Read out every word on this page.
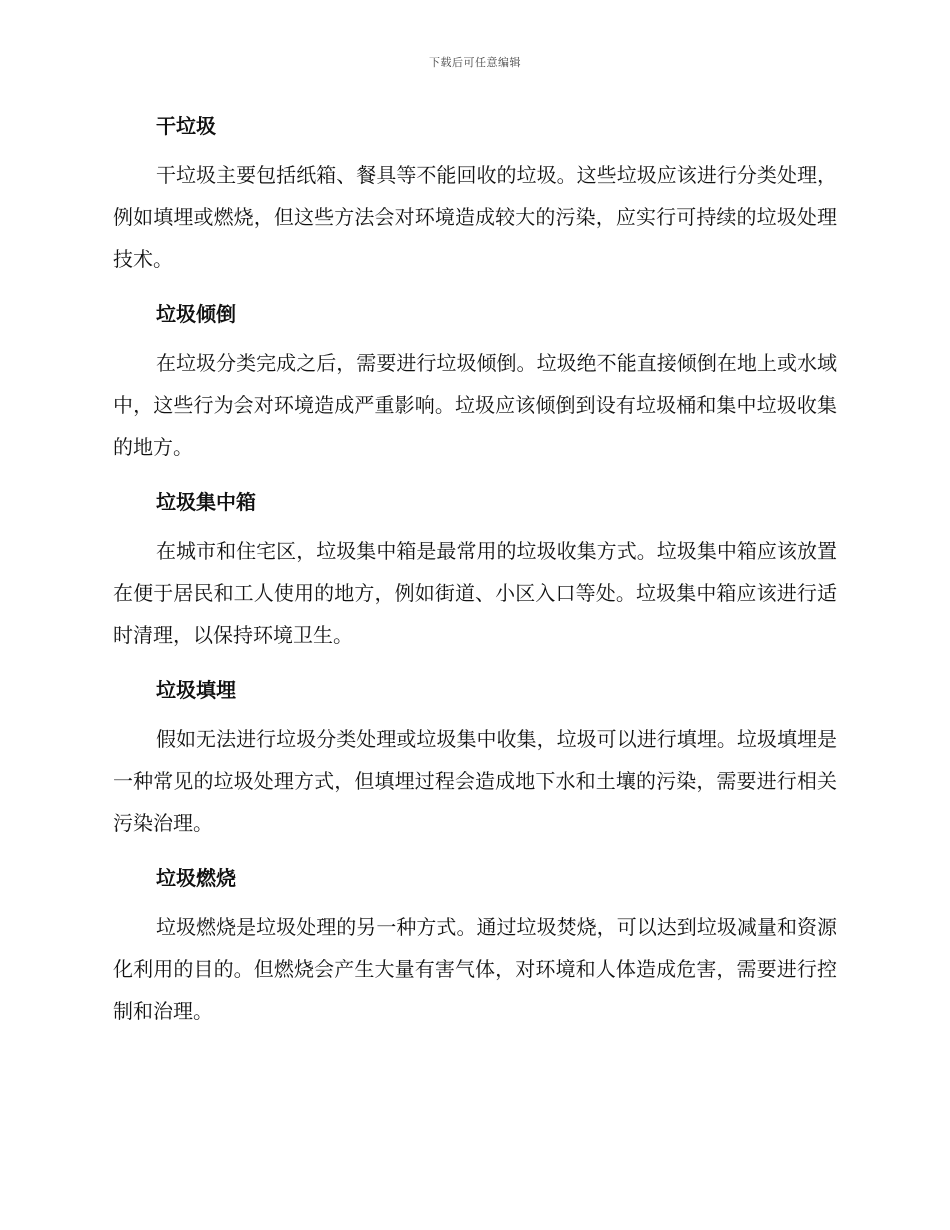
下载后可任意编辑
干垃圾

干垃圾主要包括纸箱、餐具等不能回收的垃圾。这些垃圾应该进行分类处理，例如填埋或燃烧，但这些方法会对环境造成较大的污染，应实行可持续的垃圾处理技术。

垃圾倾倒

在垃圾分类完成之后，需要进行垃圾倾倒。垃圾绝不能直接倾倒在地上或水域中，这些行为会对环境造成严重影响。垃圾应该倾倒到设有垃圾桶和集中垃圾收集的地方。

垃圾集中箱

在城市和住宅区，垃圾集中箱是最常用的垃圾收集方式。垃圾集中箱应该放置在便于居民和工人使用的地方，例如街道、小区入口等处。垃圾集中箱应该进行适时清理，以保持环境卫生。

垃圾填埋

假如无法进行垃圾分类处理或垃圾集中收集，垃圾可以进行填埋。垃圾填埋是一种常见的垃圾处理方式，但填埋过程会造成地下水和土壤的污染，需要进行相关污染治理。

垃圾燃烧

垃圾燃烧是垃圾处理的另一种方式。通过垃圾焚烧，可以达到垃圾减量和资源化利用的目的。但燃烧会产生大量有害气体，对环境和人体造成危害，需要进行控制和治理。
